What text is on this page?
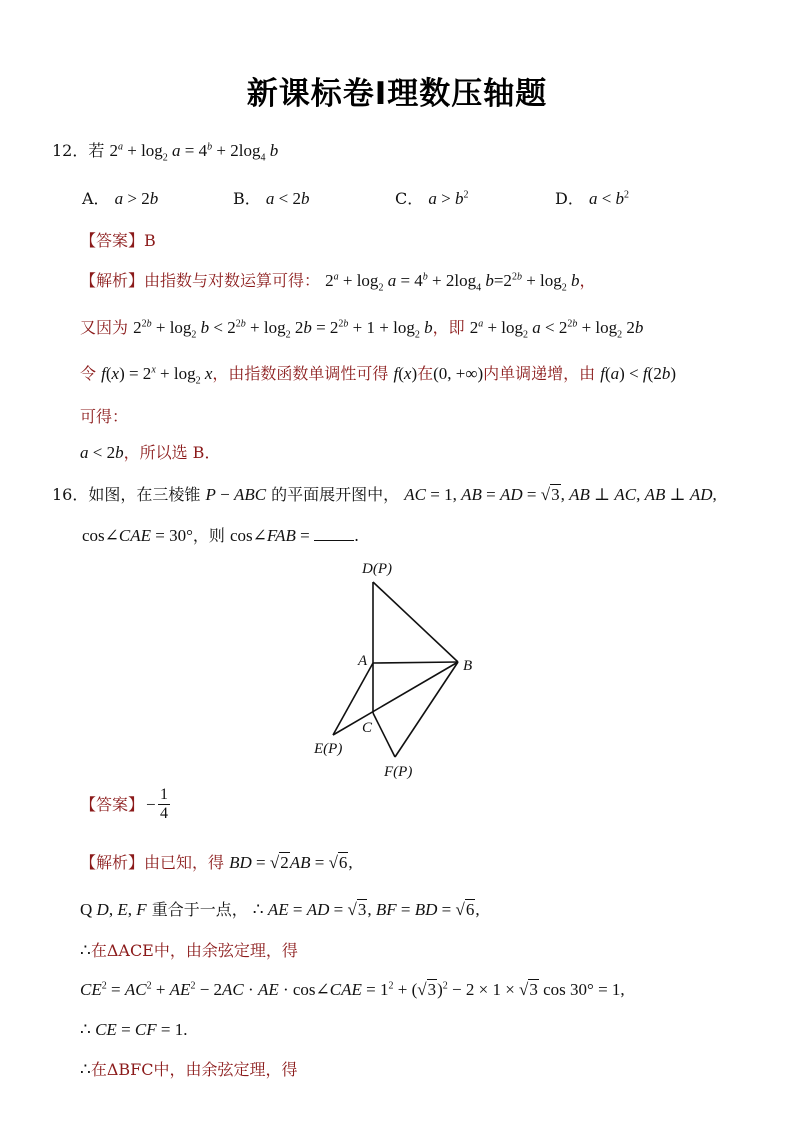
新课标卷Ⅰ理数压轴题
12．若 $2^a + \log_2 a = 4^b + 2\log_4$ b
A． a > 2b	B． a < 2b	C． $a > b^2$	D． $a < b^2$
【答案】B
【解析】由指数与对数运算可得： $2^a + \log_2 a = 4^b + 2\log_4$ $b=2^{2b} + \log_2 b$，
又因为 $2^{2b} + \log_2 b < 2^{2b} + \log_2 2b = 2^{2b} + 1 + \log_2 b$，即 $2^a + \log_2 a < 2^{2b} + \log_2 2b$
令 $f(x) = 2^x + \log_2 x$，由指数函数单调性可得 f(x)在(0, +∞)内单调递增，由 f(a) < f(2b)
可得：
a < 2b，所以选 B．
16．如图，在三棱锥 P − ABC 的平面展开图中， AC = 1, AB = AD = √3, AB ⊥ AC, AB ⊥ AD,
cos∠CAE = 30°，则 cos∠FAB =	.
D(P)
A	B
C
E(P)
F(P)
【答案】 − $\frac{1}{4}$
【解析】由已知，得 BD = √2AB = √6,
Q D, E, F 重合于一点， ∴ AE = AD = √3, BF = BD = √6,
∴在ΔACE中，由余弦定理，得
$CE^2 = AC^2 + AE^2 - 2AC$ · AE · cos∠CAE = $1^2 + (√3)^2 - 2 \times 1 \times √3$ cos 30° = 1,
∴ CE = CF = 1.
∴在ΔBFC中，由余弦定理，得
